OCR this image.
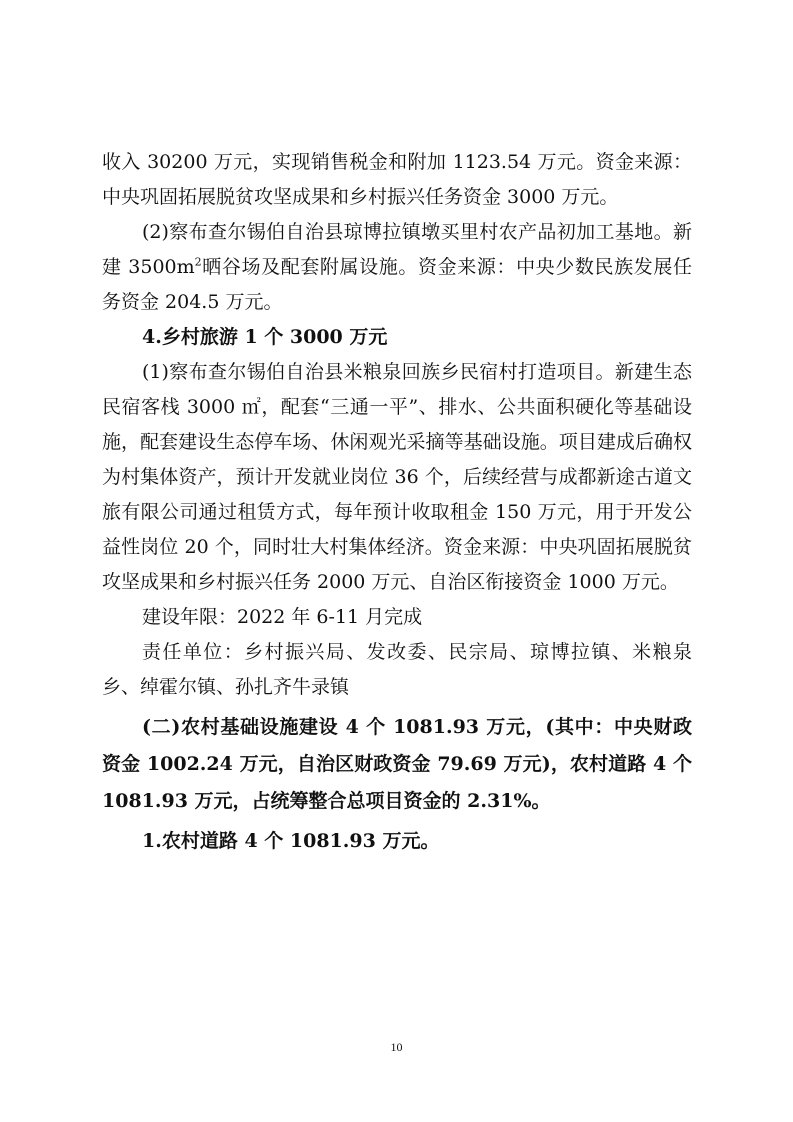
收入 30200 万元，实现销售税金和附加 1123.54 万元。资金来源：中央巩固拓展脱贫攻坚成果和乡村振兴任务资金 3000 万元。

(2)察布查尔锡伯自治县琼博拉镇墩买里村农产品初加工基地。新建 $3500m^2$晒谷场及配套附属设施。资金来源：中央少数民族发展任务资金 204.5 万元。

4.乡村旅游 1 个 3000 万元

(1)察布查尔锡伯自治县米粮泉回族乡民宿村打造项目。新建生态民宿客栈 3000 ㎡，配套“三通一平”、排水、公共面积硬化等基础设施，配套建设生态停车场、休闲观光采摘等基础设施。项目建成后确权为村集体资产，预计开发就业岗位 36 个，后续经营与成都新途古道文旅有限公司通过租赁方式，每年预计收取租金 150 万元，用于开发公益性岗位 20 个，同时壮大村集体经济。资金来源：中央巩固拓展脱贫攻坚成果和乡村振兴任务 2000 万元、自治区衔接资金 1000 万元。

建设年限：2022 年 6-11 月完成

责任单位：乡村振兴局、发改委、民宗局、琼博拉镇、米粮泉乡、绰霍尔镇、孙扎齐牛录镇

(二)农村基础设施建设 4 个 1081.93 万元，(其中：中央财政资金 1002.24 万元，自治区财政资金 79.69 万元)，农村道路 4 个 1081.93 万元，占统筹整合总项目资金的 2.31%。

1.农村道路 4 个 1081.93 万元。

10
